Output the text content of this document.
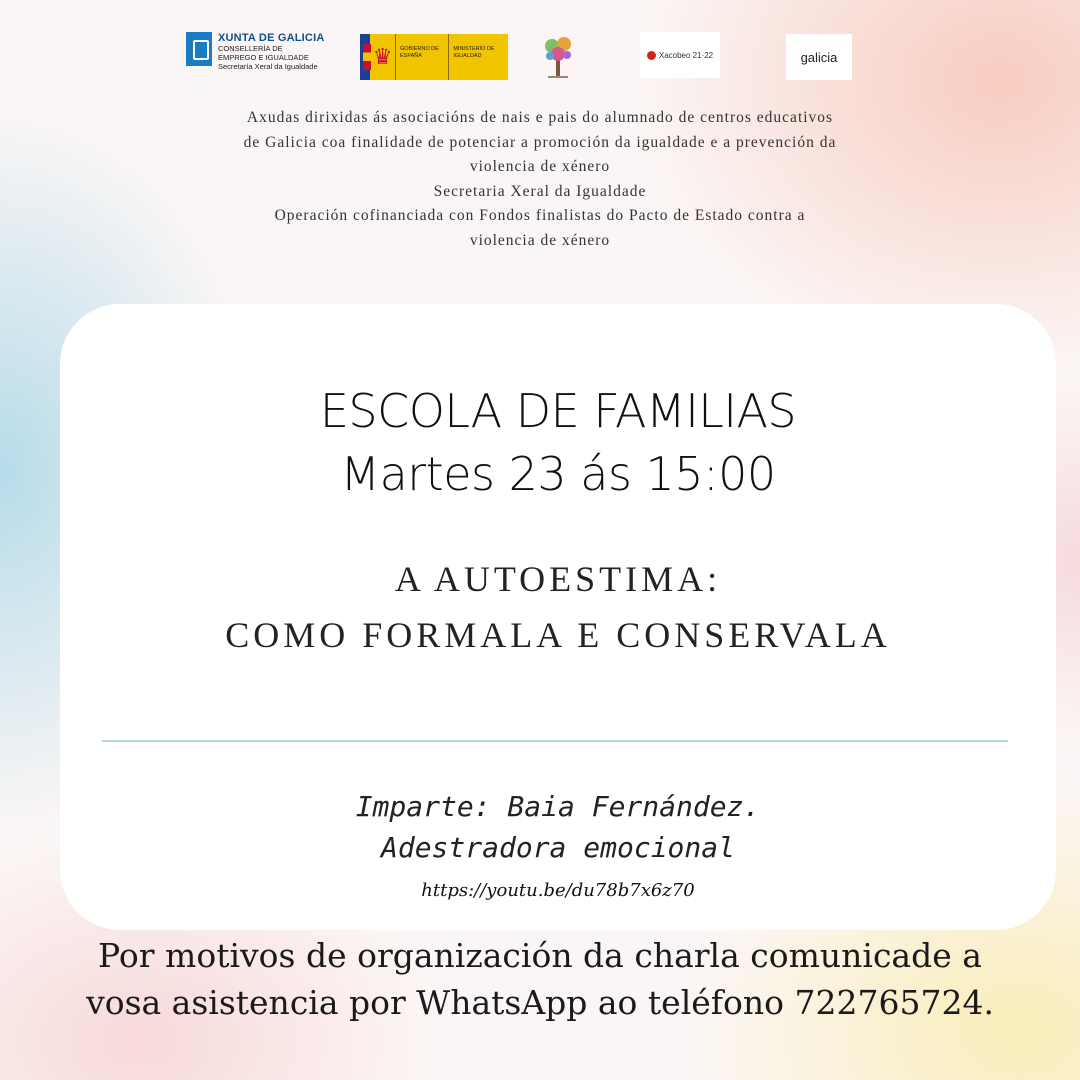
XUNTA DE GALICIA
CONSELLERÍA DE
EMPREGO E IGUALDADE
Secretaría Xeral da Igualdade	♛	GOBIERNO DE ESPAÑA
MINISTERIO DE IGUALDAD	Xacobeo 21·22	galicia
Axudas dirixidas ás asociacións de nais e pais do alumnado de centros educativos
de Galicia coa finalidade de potenciar a promoción da igualdade e a prevención da
violencia de xénero
Secretaria Xeral da Igualdade
Operación cofinanciada con Fondos finalistas do Pacto de Estado contra a
violencia de xénero
ESCOLA DE FAMILIAS
Martes 23 ás 15:00
A AUTOESTIMA:
COMO FORMALA E CONSERVALA
Imparte: Baia Fernández.
Adestradora emocional
https://youtu.be/du78b7x6z70
Por motivos de organización da charla comunicade a
vosa asistencia por WhatsApp ao teléfono 722765724.
